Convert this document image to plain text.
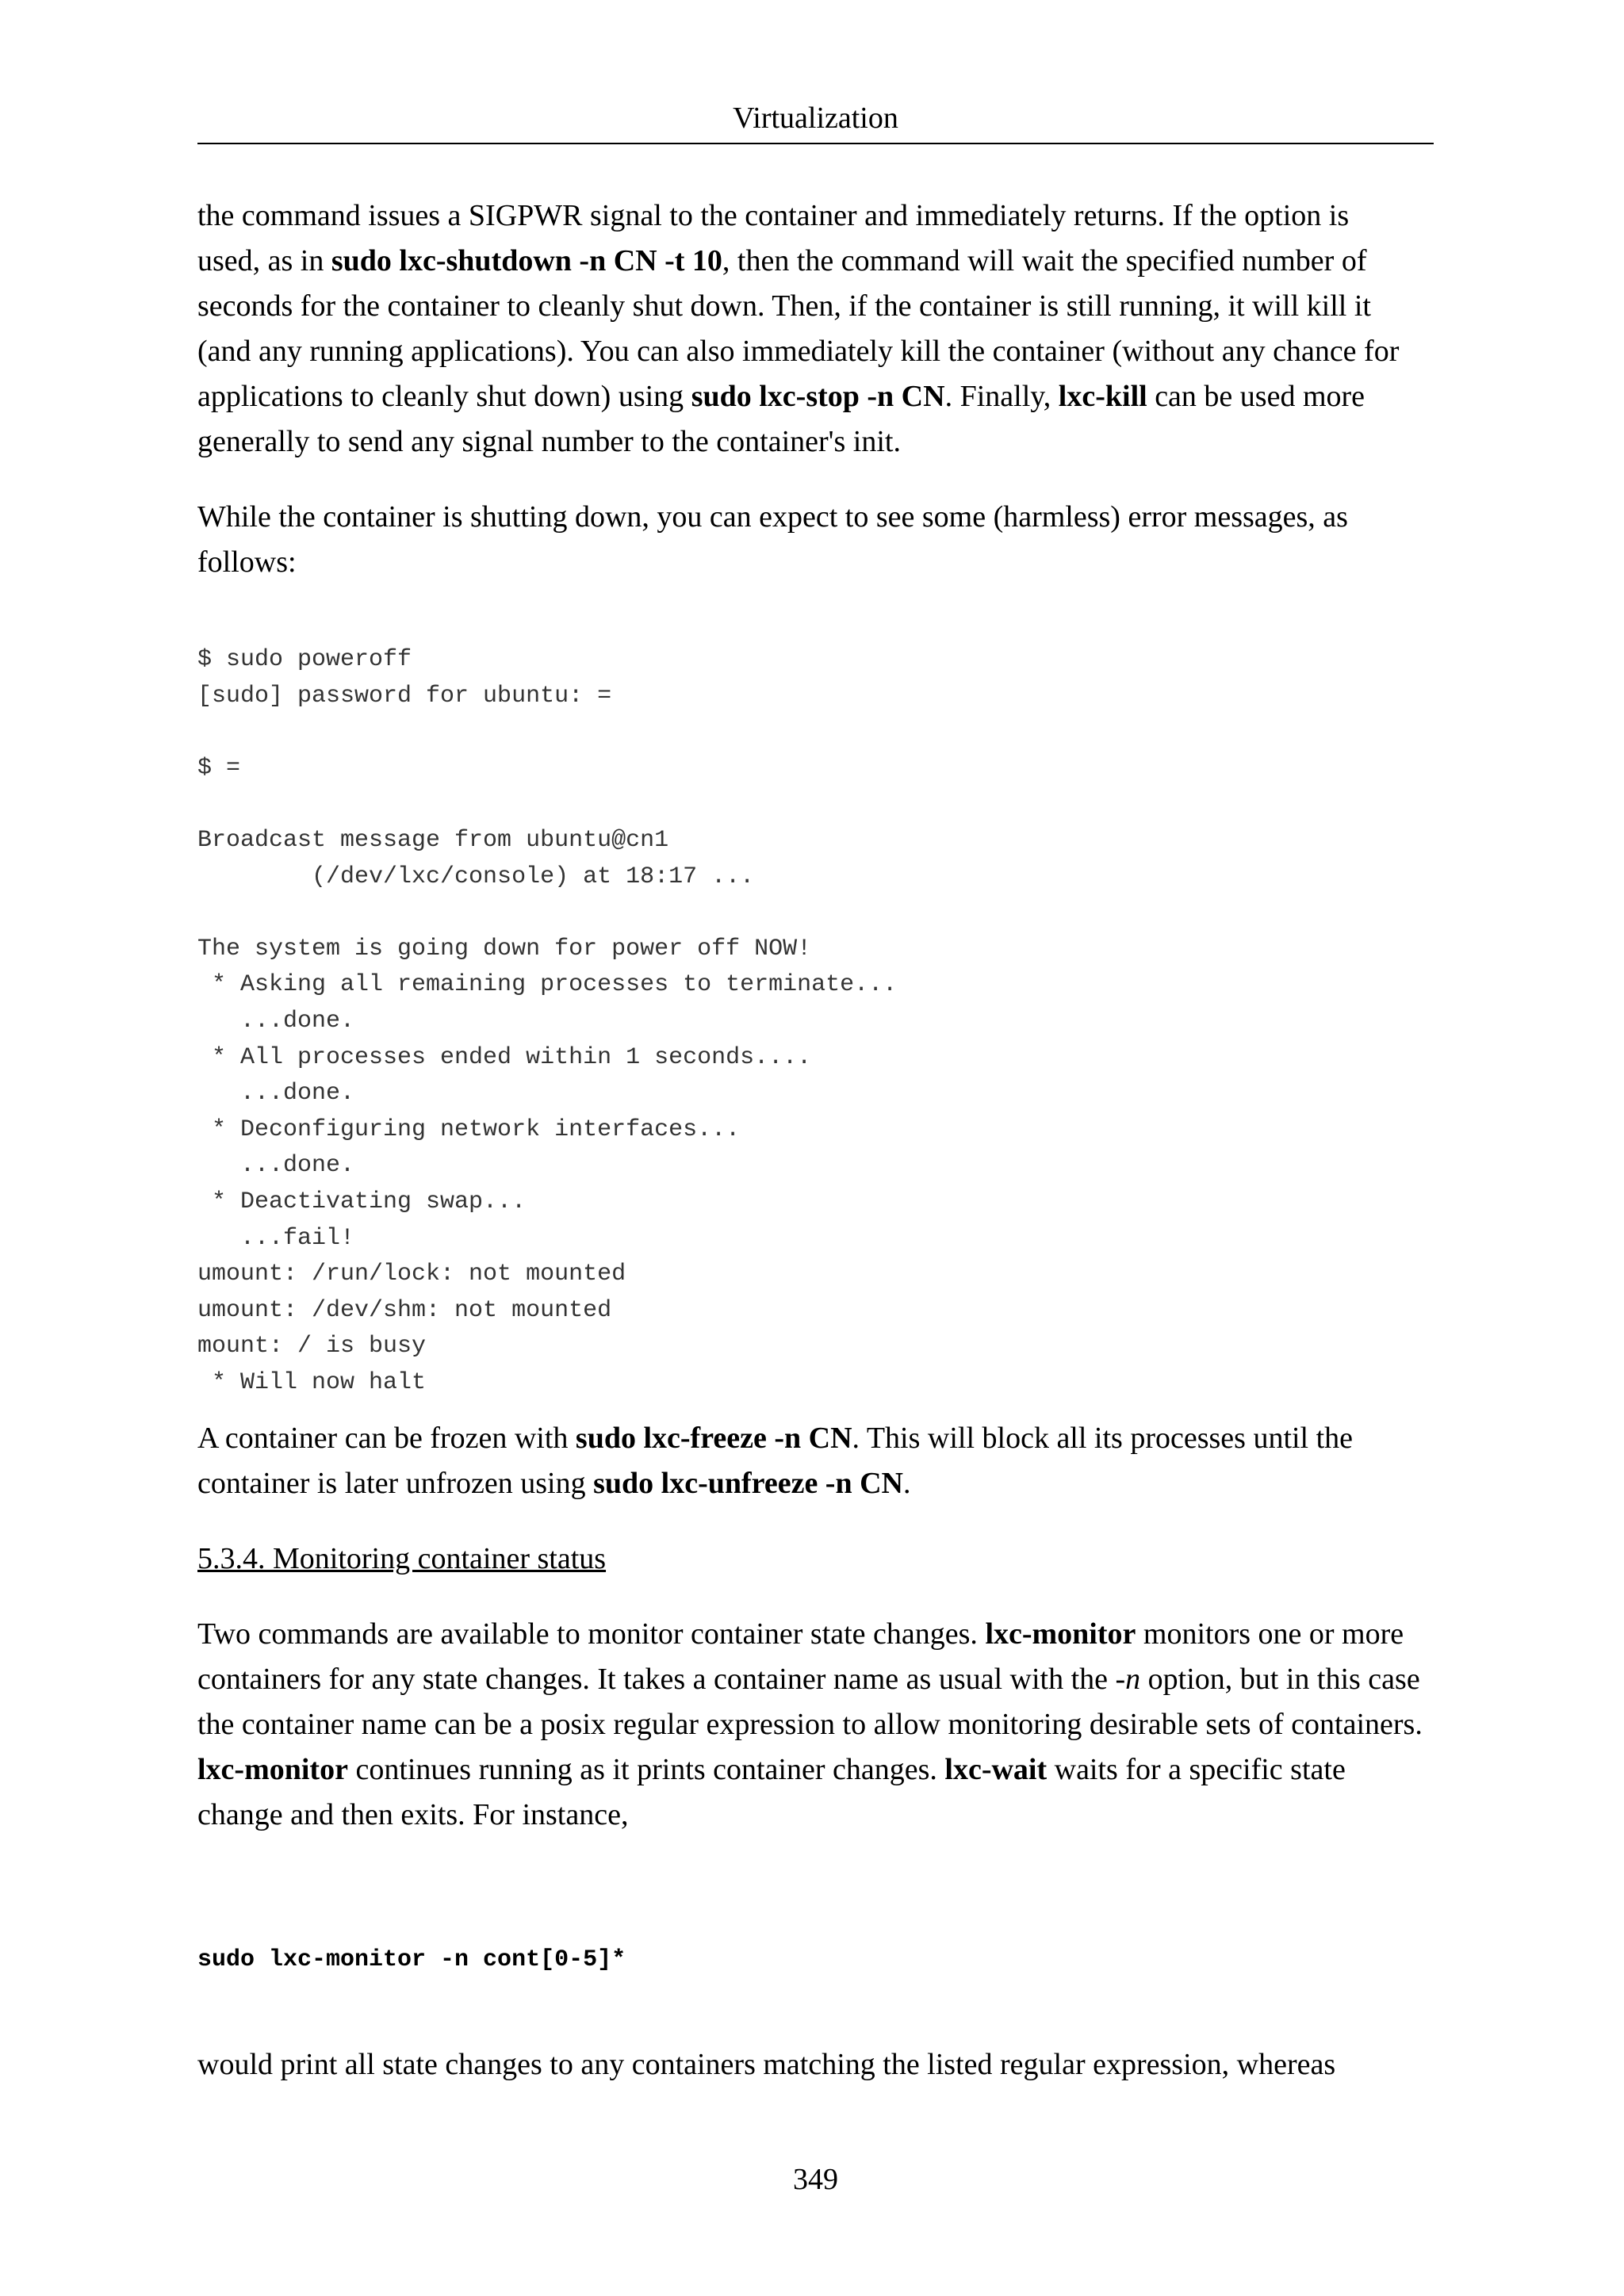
Virtualization

the command issues a SIGPWR signal to the container and immediately returns. If the option is
used, as in sudo lxc-shutdown -n CN -t 10, then the command will wait the specified number of
seconds for the container to cleanly shut down. Then, if the container is still running, it will kill it
(and any running applications). You can also immediately kill the container (without any chance for
applications to cleanly shut down) using sudo lxc-stop -n CN. Finally, lxc-kill can be used more
generally to send any signal number to the container's init.

While the container is shutting down, you can expect to see some (harmless) error messages, as
follows:

$ sudo poweroff
[sudo] password for ubuntu: =

$ =

Broadcast message from ubuntu@cn1
(/dev/lxc/console) at 18:17 ...

The system is going down for power off NOW!
* Asking all remaining processes to terminate...
...done.
* All processes ended within 1 seconds....
...done.
* Deconfiguring network interfaces...
...done.
* Deactivating swap...
...fail!
umount: /run/lock: not mounted
umount: /dev/shm: not mounted
mount: / is busy
* Will now halt

A container can be frozen with sudo lxc-freeze -n CN. This will block all its processes until the
container is later unfrozen using sudo lxc-unfreeze -n CN.

5.3.4. Monitoring container status

Two commands are available to monitor container state changes. lxc-monitor monitors one or more
containers for any state changes. It takes a container name as usual with the -n option, but in this case
the container name can be a posix regular expression to allow monitoring desirable sets of containers.
lxc-monitor continues running as it prints container changes. lxc-wait waits for a specific state
change and then exits. For instance,

sudo lxc-monitor -n cont[0-5]*

would print all state changes to any containers matching the listed regular expression, whereas

349
